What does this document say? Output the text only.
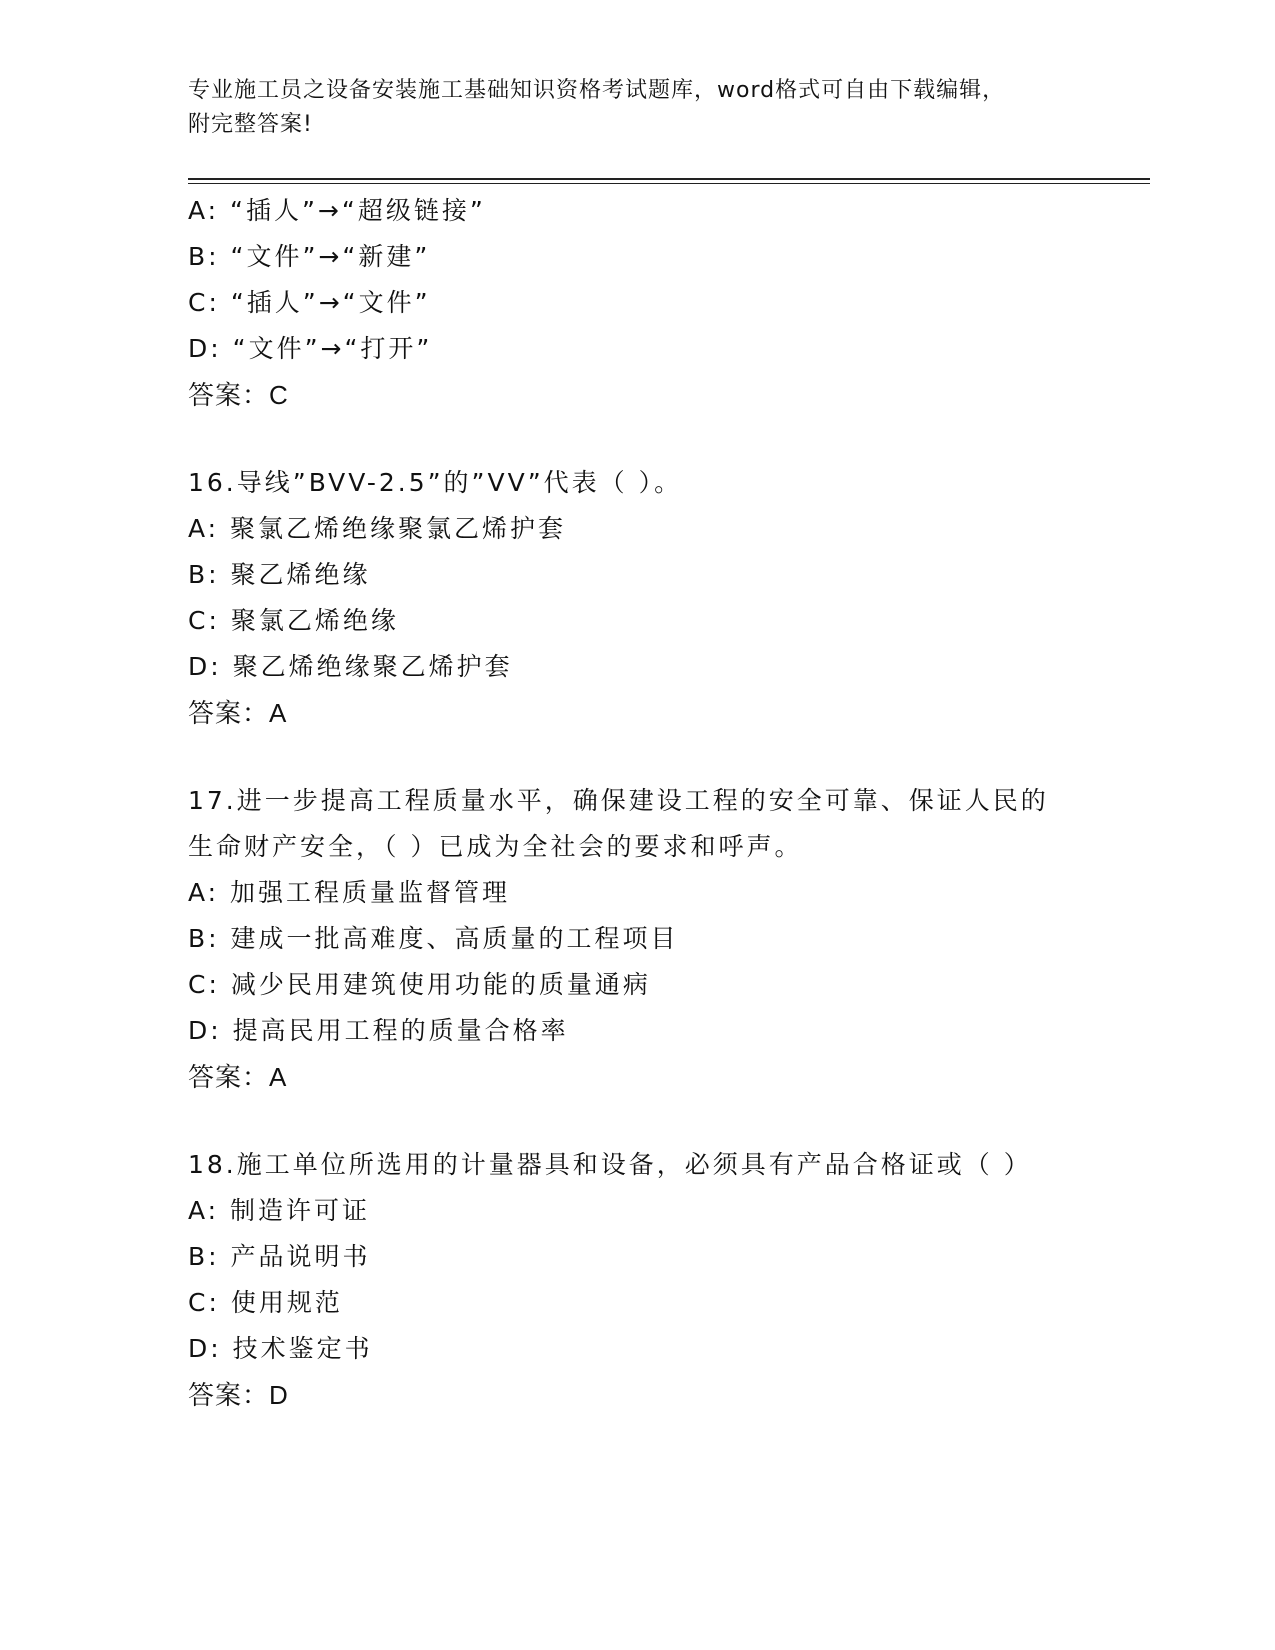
专业施工员之设备安装施工基础知识资格考试题库，word格式可自由下载编辑，
附完整答案!
A: “插人”→“超级链接”
B: “文件”→“新建”
C: “插人”→“文件”
D: “文件”→“打开”
答案：C
16.导线”BVV-2.5”的”VV”代表（ ）。
A: 聚氯乙烯绝缘聚氯乙烯护套
B: 聚乙烯绝缘
C: 聚氯乙烯绝缘
D: 聚乙烯绝缘聚乙烯护套
答案：A
17.进一步提高工程质量水平，确保建设工程的安全可靠、保证人民的
生命财产安全，（ ）已成为全社会的要求和呼声。
A: 加强工程质量监督管理
B: 建成一批高难度、高质量的工程项目
C: 减少民用建筑使用功能的质量通病
D: 提高民用工程的质量合格率
答案：A
18.施工单位所选用的计量器具和设备，必须具有产品合格证或（ ）
A: 制造许可证
B: 产品说明书
C: 使用规范
D: 技术鉴定书
答案：D
